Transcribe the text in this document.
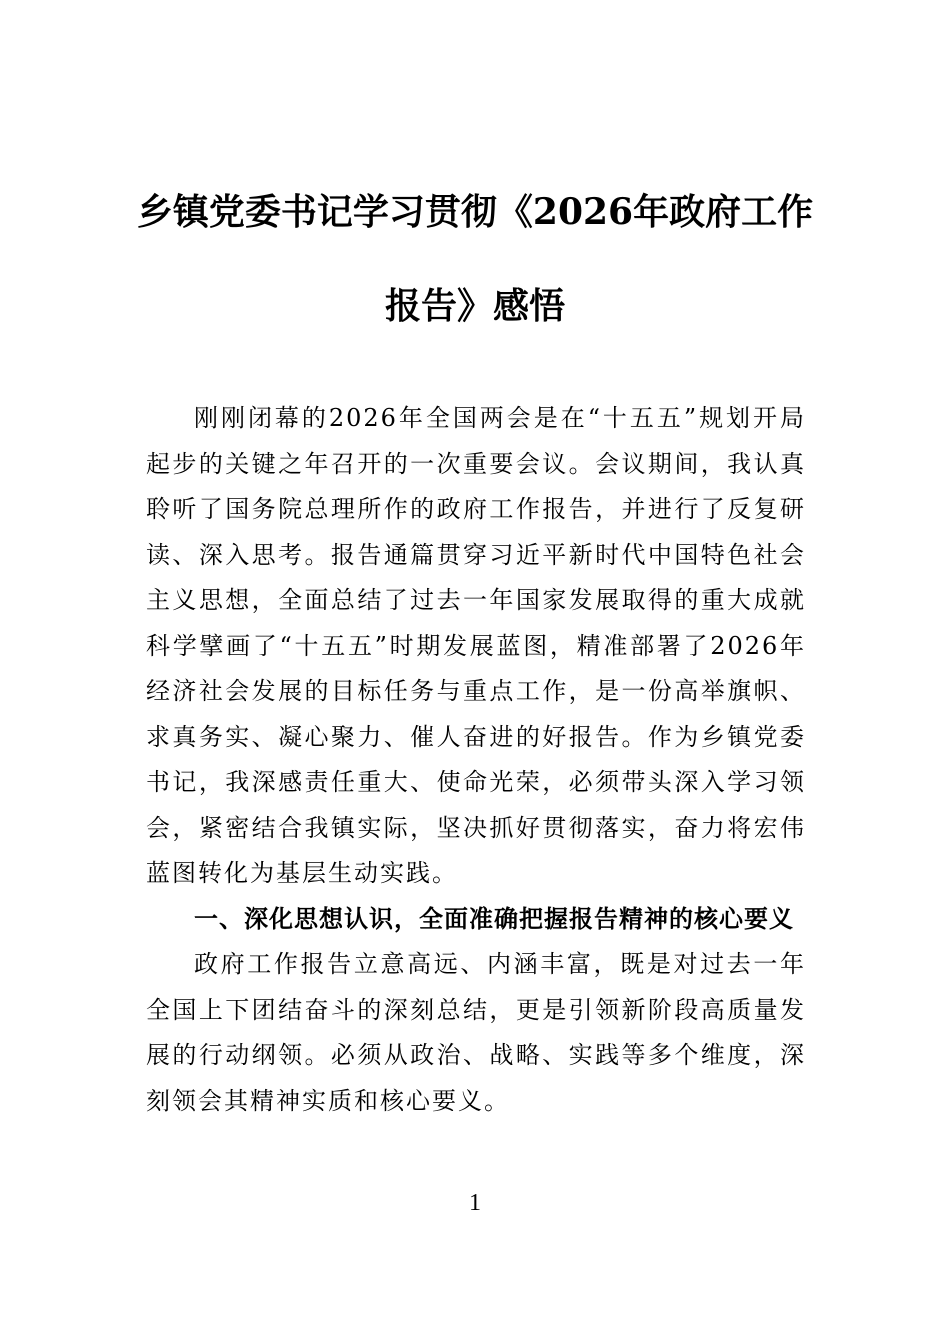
乡镇党委书记学习贯彻《2026年政府工作报告》感悟

刚刚闭幕的2026年全国两会是在“十五五”规划开局起步的关键之年召开的一次重要会议。会议期间，我认真聆听了国务院总理所作的政府工作报告，并进行了反复研读、深入思考。报告通篇贯穿习近平新时代中国特色社会主义思想，全面总结了过去一年国家发展取得的重大成就科学擘画了“十五五”时期发展蓝图，精准部署了2026年经济社会发展的目标任务与重点工作，是一份高举旗帜、求真务实、凝心聚力、催人奋进的好报告。作为乡镇党委书记，我深感责任重大、使命光荣，必须带头深入学习领会，紧密结合我镇实际，坚决抓好贯彻落实，奋力将宏伟蓝图转化为基层生动实践。

一、深化思想认识，全面准确把握报告精神的核心要义

政府工作报告立意高远、内涵丰富，既是对过去一年全国上下团结奋斗的深刻总结，更是引领新阶段高质量发展的行动纲领。必须从政治、战略、实践等多个维度，深刻领会其精神实质和核心要义。

1
